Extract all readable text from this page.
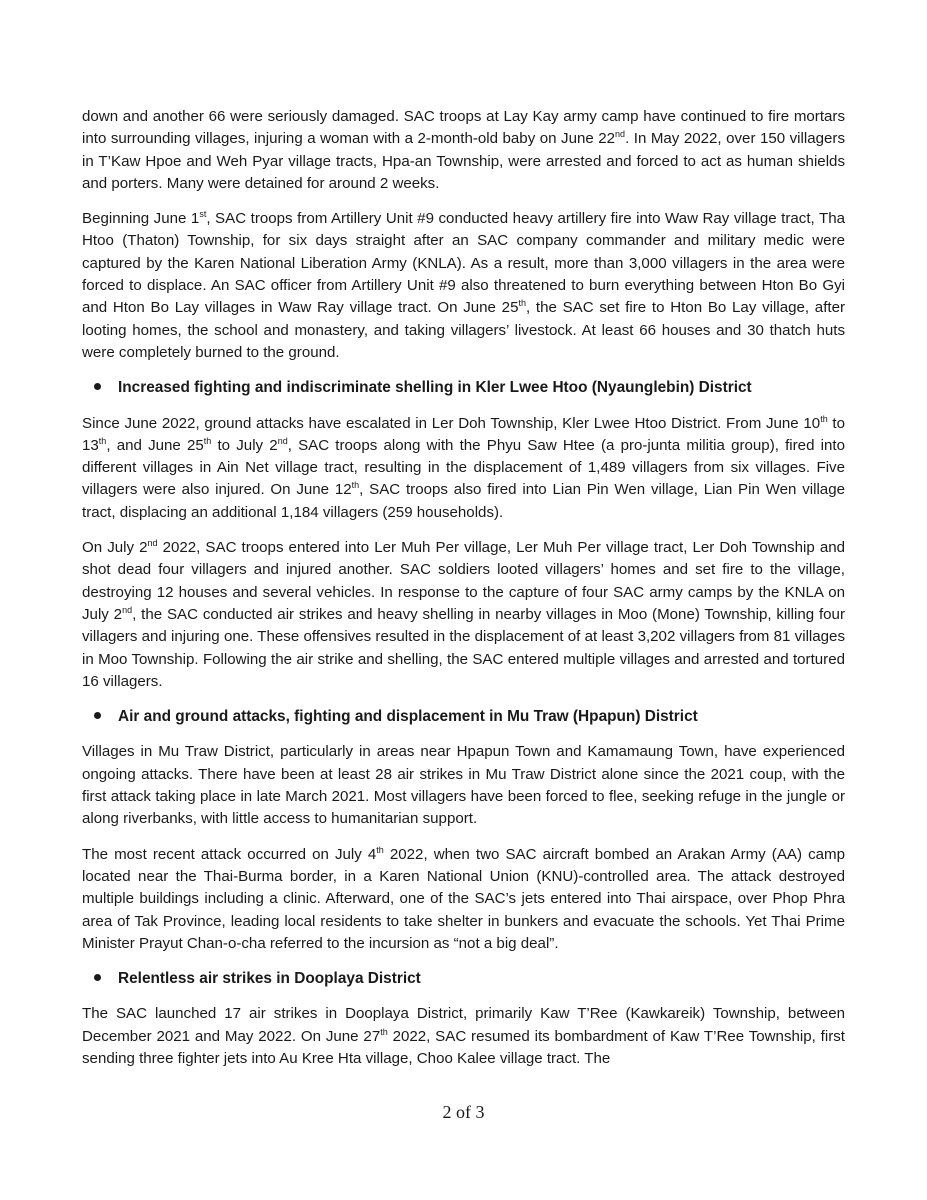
down and another 66 were seriously damaged. SAC troops at Lay Kay army camp have continued to fire mortars into surrounding villages, injuring a woman with a 2-month-old baby on June 22nd. In May 2022, over 150 villagers in T’Kaw Hpoe and Weh Pyar village tracts, Hpa-an Township, were arrested and forced to act as human shields and porters. Many were detained for around 2 weeks.

Beginning June 1st, SAC troops from Artillery Unit #9 conducted heavy artillery fire into Waw Ray village tract, Tha Htoo (Thaton) Township, for six days straight after an SAC company commander and military medic were captured by the Karen National Liberation Army (KNLA). As a result, more than 3,000 villagers in the area were forced to displace. An SAC officer from Artillery Unit #9 also threatened to burn everything between Hton Bo Gyi and Hton Bo Lay villages in Waw Ray village tract. On June 25th, the SAC set fire to Hton Bo Lay village, after looting homes, the school and monastery, and taking villagers’ livestock. At least 66 houses and 30 thatch huts were completely burned to the ground.

Increased fighting and indiscriminate shelling in Kler Lwee Htoo (Nyaunglebin) District

Since June 2022, ground attacks have escalated in Ler Doh Township, Kler Lwee Htoo District. From June 10th to 13th, and June 25th to July 2nd, SAC troops along with the Phyu Saw Htee (a pro-junta militia group), fired into different villages in Ain Net village tract, resulting in the displacement of 1,489 villagers from six villages. Five villagers were also injured. On June 12th, SAC troops also fired into Lian Pin Wen village, Lian Pin Wen village tract, displacing an additional 1,184 villagers (259 households).

On July 2nd 2022, SAC troops entered into Ler Muh Per village, Ler Muh Per village tract, Ler Doh Township and shot dead four villagers and injured another. SAC soldiers looted villagers’ homes and set fire to the village, destroying 12 houses and several vehicles. In response to the capture of four SAC army camps by the KNLA on July 2nd, the SAC conducted air strikes and heavy shelling in nearby villages in Moo (Mone) Township, killing four villagers and injuring one. These offensives resulted in the displacement of at least 3,202 villagers from 81 villages in Moo Township. Following the air strike and shelling, the SAC entered multiple villages and arrested and tortured 16 villagers.

Air and ground attacks, fighting and displacement in Mu Traw (Hpapun) District

Villages in Mu Traw District, particularly in areas near Hpapun Town and Kamamaung Town, have experienced ongoing attacks. There have been at least 28 air strikes in Mu Traw District alone since the 2021 coup, with the first attack taking place in late March 2021. Most villagers have been forced to flee, seeking refuge in the jungle or along riverbanks, with little access to humanitarian support.

The most recent attack occurred on July 4th 2022, when two SAC aircraft bombed an Arakan Army (AA) camp located near the Thai-Burma border, in a Karen National Union (KNU)-controlled area. The attack destroyed multiple buildings including a clinic. Afterward, one of the SAC’s jets entered into Thai airspace, over Phop Phra area of Tak Province, leading local residents to take shelter in bunkers and evacuate the schools. Yet Thai Prime Minister Prayut Chan-o-cha referred to the incursion as “not a big deal”.

Relentless air strikes in Dooplaya District

The SAC launched 17 air strikes in Dooplaya District, primarily Kaw T’Ree (Kawkareik) Township, between December 2021 and May 2022. On June 27th 2022, SAC resumed its bombardment of Kaw T’Ree Township, first sending three fighter jets into Au Kree Hta village, Choo Kalee village tract. The

2 of 3
